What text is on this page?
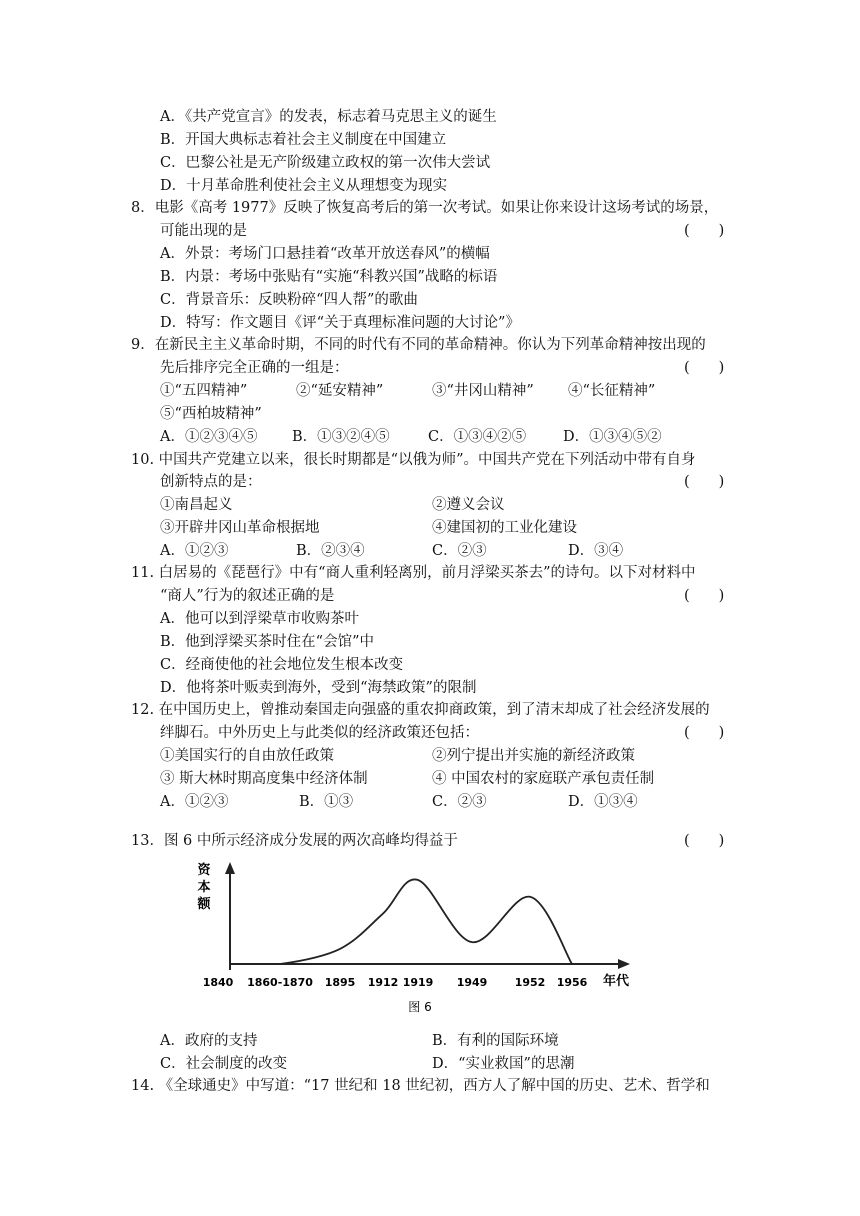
A．《共产党宣言》的发表，标志着马克思主义的诞生
B．开国大典标志着社会主义制度在中国建立
C．巴黎公社是无产阶级建立政权的第一次伟大尝试
D．十月革命胜利使社会主义从理想变为现实
8．电影《高考 1977》反映了恢复高考后的第一次考试。如果让你来设计这场考试的场景，
可能出现的是	(　　)
A．外景：考场门口悬挂着“改革开放送春风”的横幅
B．内景：考场中张贴有“实施“科教兴国”战略的标语
C．背景音乐：反映粉碎“四人帮”的歌曲
D．特写：作文题目《评“关于真理标准问题的大讨论”》
9．在新民主主义革命时期，不同的时代有不同的革命精神。你认为下列革命精神按出现的
先后排序完全正确的一组是：	(　　)
①“五四精神”	②“延安精神”	③“井冈山精神” ④“长征精神”
⑤“西柏坡精神”
A．①②③④⑤ B．①③②④⑤	C．①③④②⑤	D．①③④⑤②
10. 中国共产党建立以来，很长时期都是“以俄为师”。中国共产党在下列活动中带有自身
创新特点的是：	(　　)
①南昌起义	②遵义会议
③开辟井冈山革命根据地	④建国初的工业化建设
A．①②③	B．②③④	C．②③	D．③④
11. 白居易的《琵琶行》中有“商人重利轻离别，前月浮梁买茶去”的诗句。以下对材料中
“商人”行为的叙述正确的是	(　　)
A．他可以到浮梁草市收购茶叶
B．他到浮梁买茶时住在“会馆”中
C．经商使他的社会地位发生根本改变
D．他将茶叶贩卖到海外，受到“海禁政策”的限制
12. 在中国历史上，曾推动秦国走向强盛的重农抑商政策，到了清末却成了社会经济发展的
绊脚石。中外历史上与此类似的经济政策还包括：	(　　)
①美国实行的自由放任政策	②列宁提出并实施的新经济政策
③ 斯大林时期高度集中经济体制	④ 中国农村的家庭联产承包责任制
A．①②③	B．①③	C．②③	D．①③④
13．图 6 中所示经济成分发展的两次高峰均得益于	(　　)
资
本
额
年代
1840 1860-1870 1895 1912 1919 1949 1952 1956
图 6
A．政府的支持	B．有利的国际环境
C．社会制度的改变	D．“实业救国”的思潮
14. 《全球通史》中写道：“17 世纪和 18 世纪初，西方人了解中国的历史、艺术、哲学和
